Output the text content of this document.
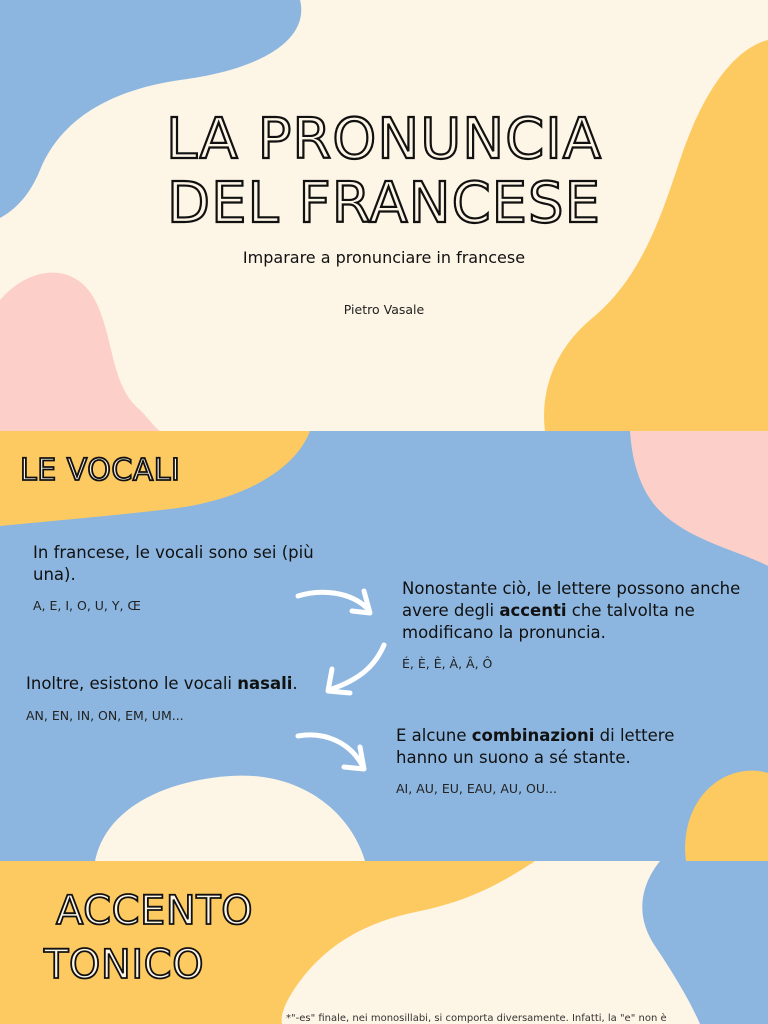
LA PRONUNCIA
DEL FRANCESE
Imparare a pronunciare in francese
Pietro Vasale
LE VOCALI

In francese, le vocali sono sei (più una).

A, E, I, O, U, Y, Œ

Nonostante ciò, le lettere possono anche avere degli accenti che talvolta ne modificano la pronuncia.

É, È, Ê, À, Â, Ô

Inoltre, esistono le vocali nasali.

AN, EN, IN, ON, EM, UM...

E alcune combinazioni di lettere hanno un suono a sé stante.

AI, AU, EU, EAU, AU, OU...

ACCENTO
TONICO
*"-es" finale, nei monosillabi, si comporta diversamente. Infatti, la "e" non è
